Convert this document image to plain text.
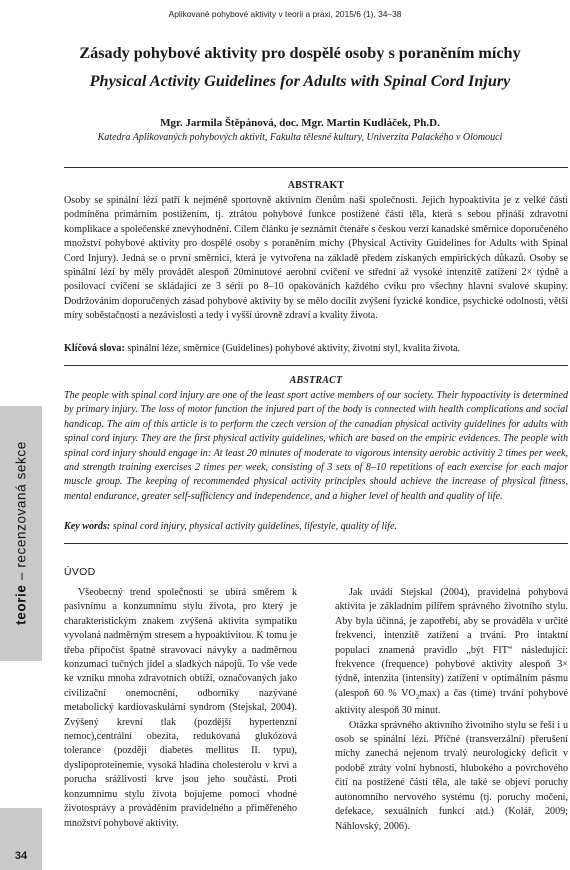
Aplikované pohybové aktivity v teorii a praxi, 2015/6 (1), 34–38
Zásady pohybové aktivity pro dospělé osoby s poraněním míchy
Physical Activity Guidelines for Adults with Spinal Cord Injury
Mgr. Jarmila Štěpánová, doc. Mgr. Martin Kudláček, Ph.D.
Katedra Aplikovaných pohybových aktivit, Fakulta tělesné kultury, Univerzita Palackého v Olomouci
ABSTRAKT

Osoby se spinální lézí patří k nejméně sportovně aktivním členům naší společnosti. Jejich hypoaktivita je z velké části podmíněna primárním postižením, tj. ztrátou pohybové funkce postižené části těla, která s sebou přináší zdravotní komplikace a společenské znevýhodnění. Cílem článku je seznámit čtenáře s českou verzí kanadské směrnice doporučeného množství pohybové aktivity pro dospělé osoby s poraněním míchy (Physical Activity Guidelines for Adults with Spinal Cord Injury). Jedná se o první směrnici, která je vytvořena na základě předem získaných empirických důkazů. Osoby se spinální lézí by měly provádět alespoň 20minutové aerobní cvičení ve střední až vysoké intenzitě zatížení 2× týdně a posilovací cvičení se skládající ze 3 sérií po 8–10 opakováních každého cviku pro všechny hlavní svalové skupiny. Dodržováním doporučených zásad pohybové aktivity by se mělo docílit zvýšení fyzické kondice, psychické odolnosti, větší míry soběstačnosti a nezávislosti a tedy i vyšší úrovně zdraví a kvality života.

Klíčová slova: spinální léze, směrnice (Guidelines) pohybové aktivity, životní styl, kvalita života.

ABSTRACT

The people with spinal cord injury are one of the least sport active members of our society. Their hypoactivity is determined by primary injury. The loss of motor function the injured part of the body is connected with health complications and social handicap. The aim of this article is to perform the czech version of the canadian physical activity guidelines for adults with spinal cord injury. They are the first physical activity guidelines, which are based on the empiric evidences. The people with spinal cord injury should engage in: At least 20 minutes of moderate to vigorous intensity aerobic activitiy 2 times per week, and strength training exercises 2 times per week, consisting of 3 sets of 8–10 repetitions of each exercise for each major muscle group. The keeping of recommended physical activity principles should achieve the increase of physical fitness, mental endurance, greater self-sufficiency and independence, and a higher level of health and quality of life.

Key words: spinal cord injury, physical activity guidelines, lifestyle, quality of life.

ÚVOD

Všeobecný trend společnosti se ubírá směrem k pasivnímu a konzumnímu stylu života, pro který je charakteristickým znakem zvýšená aktivita sympatiku vyvolaná nadměrným stresem a hypoaktivitou. K tomu je třeba připočíst špatné stravovací návyky a nadměrnou konzumaci tučných jídel a sladkých nápojů. To vše vede ke vzniku mnoha zdravotních obtíží, označovaných jako civilizační onemocnění, odborníky nazývané metabolický kardiovaskulární syndrom (Stejskal, 2004). Zvýšený krevní tlak (pozdější hypertenzní nemoc),centrální obezita, redukovaná glukózová tolerance (později diabetes mellitus II. typu), dyslipoproteinemie, vysoká hladina cholesterolu v krvi a porucha srážlivosti krve jsou jeho součástí. Proti konzumnímu stylu života bojujeme pomocí vhodné životosprávy a prováděním pravidelného a přiměřeného množství pohybové aktivity.

Jak uvádí Stejskal (2004), pravidelná pohybová aktivita je základním pilířem správného životního stylu. Aby byla účinná, je zapotřebí, aby se prováděla v určité frekvenci, intenzitě zatížení a trvání. Pro intaktní populaci znamená pravidlo „být FIT“ následující: frekvence (frequence) pohybové aktivity alespoň 3× týdně, intenzita (intensity) zatížení v optimálním pásmu (alespoň 60 % $VO_2\max$) a čas (time) trvání pohybové aktivity alespoň 30 minut.

Otázka správného aktivního životního stylu se řeší i u osob se spinální lézí. Příčné (transverzální) přerušení míchy zanechá nejenom trvalý neurologický deficit v podobě ztráty volní hybnosti, hlubokého a povrchového čití na postižené části těla, ale také se objeví poruchy autonomního nervového systému (tj. poruchy močení, defekace, sexuálních funkcí atd.) (Kolář, 2009; Náhlovský, 2006).

teorie – recenzovaná sekce
34
